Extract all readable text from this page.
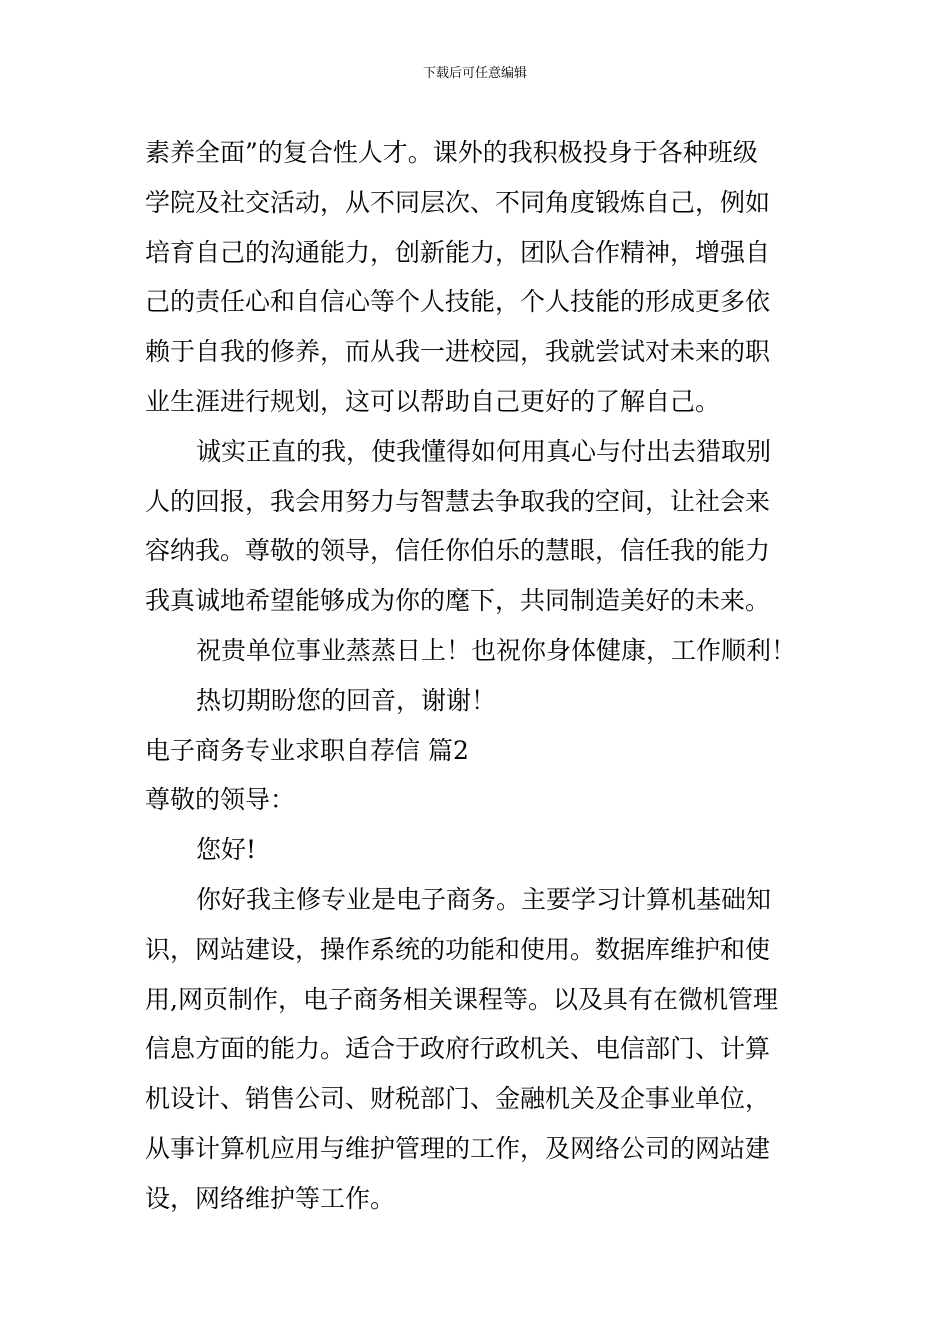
下载后可任意编辑
素养全面”的复合性人才。课外的我积极投身于各种班级
学院及社交活动，从不同层次、不同角度锻炼自己，例如
培育自己的沟通能力，创新能力，团队合作精神，增强自
己的责任心和自信心等个人技能，个人技能的形成更多依
赖于自我的修养，而从我一进校园，我就尝试对未来的职
业生涯进行规划，这可以帮助自己更好的了解自己。
诚实正直的我，使我懂得如何用真心与付出去猎取别
人的回报，我会用努力与智慧去争取我的空间，让社会来
容纳我。尊敬的领导，信任你伯乐的慧眼，信任我的能力
我真诚地希望能够成为你的麾下，共同制造美好的未来。
祝贵单位事业蒸蒸日上！也祝你身体健康，工作顺利！
热切期盼您的回音，谢谢！
电子商务专业求职自荐信 篇2
尊敬的领导：
您好!
你好我主修专业是电子商务。主要学习计算机基础知
识，网站建设，操作系统的功能和使用。数据库维护和使
用,网页制作，电子商务相关课程等。以及具有在微机管理
信息方面的能力。适合于政府行政机关、电信部门、计算
机设计、销售公司、财税部门、金融机关及企事业单位，
从事计算机应用与维护管理的工作，及网络公司的网站建
设，网络维护等工作。
